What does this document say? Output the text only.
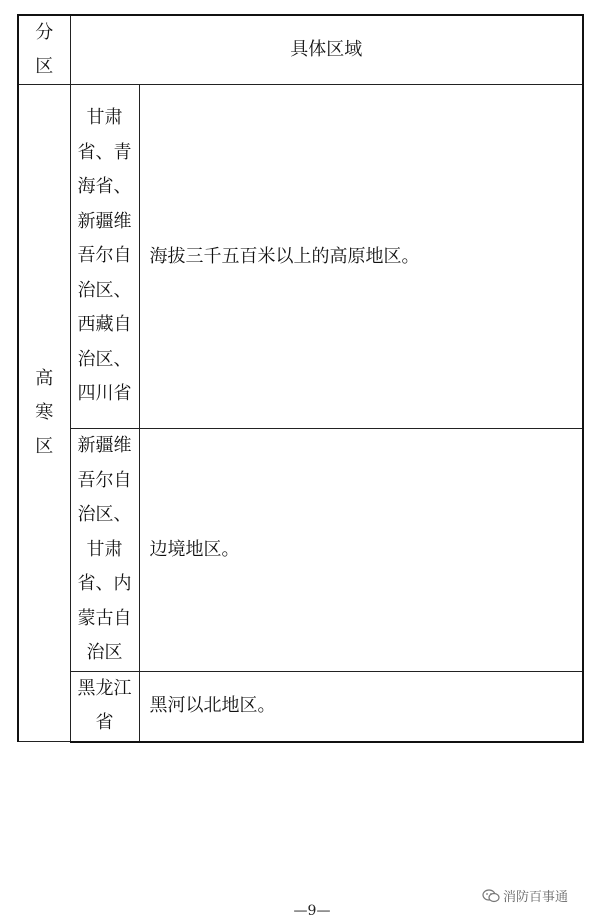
分区	具体区域	

高寒区	甘肃省、青海省、新疆维吾尔自治区、西藏自治区、四川省	海拔三千五百米以上的高原地区。

	新疆维吾尔自治区、甘肃省、内蒙古自治区	边境地区。

	黑龙江省	黑河以北地区。
消防百事通
—9—
